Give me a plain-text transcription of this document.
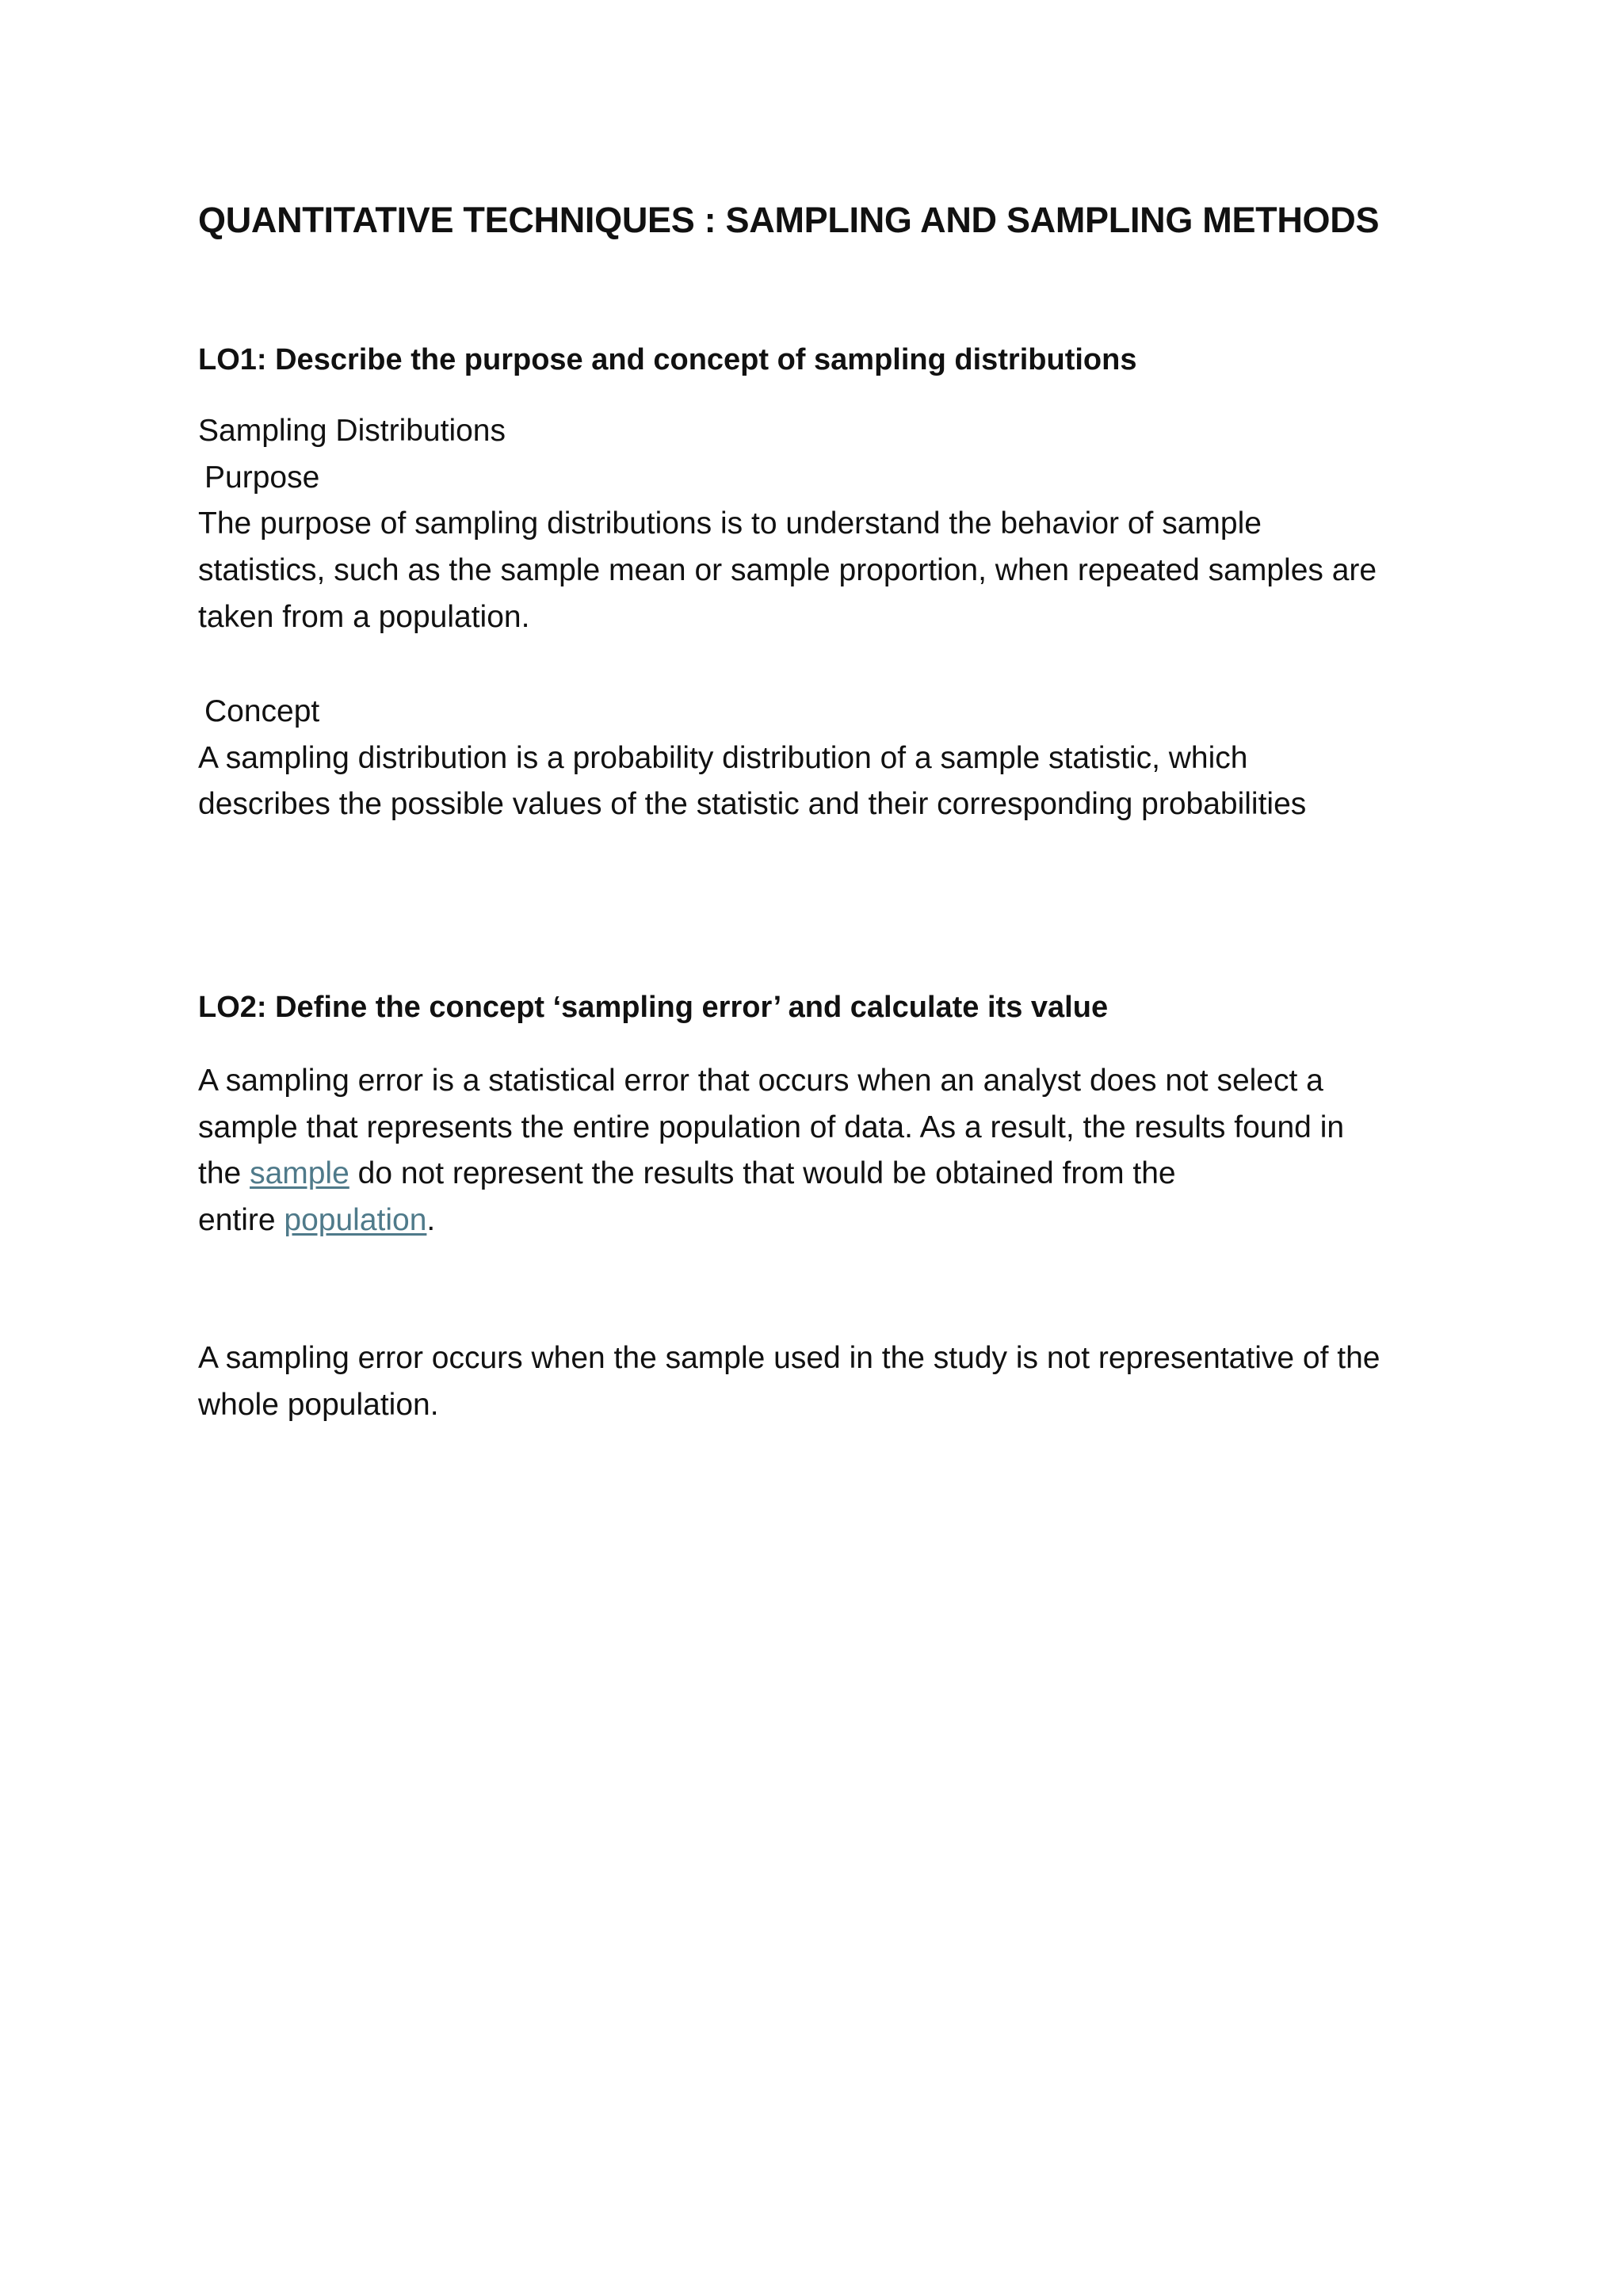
QUANTITATIVE TECHNIQUES : SAMPLING AND SAMPLING METHODS
LO1: Describe the purpose and concept of sampling distributions

Sampling Distributions
Purpose
The purpose of sampling distributions is to understand the behavior of sample
statistics, such as the sample mean or sample proportion, when repeated samples are
taken from a population.

Concept
A sampling distribution is a probability distribution of a sample statistic, which
describes the possible values of the statistic and their corresponding probabilities

LO2: Define the concept ‘sampling error’ and calculate its value

A sampling error is a statistical error that occurs when an analyst does not select a
sample that represents the entire population of data. As a result, the results found in
the sample do not represent the results that would be obtained from the
entire population.

A sampling error occurs when the sample used in the study is not representative of the
whole population.
